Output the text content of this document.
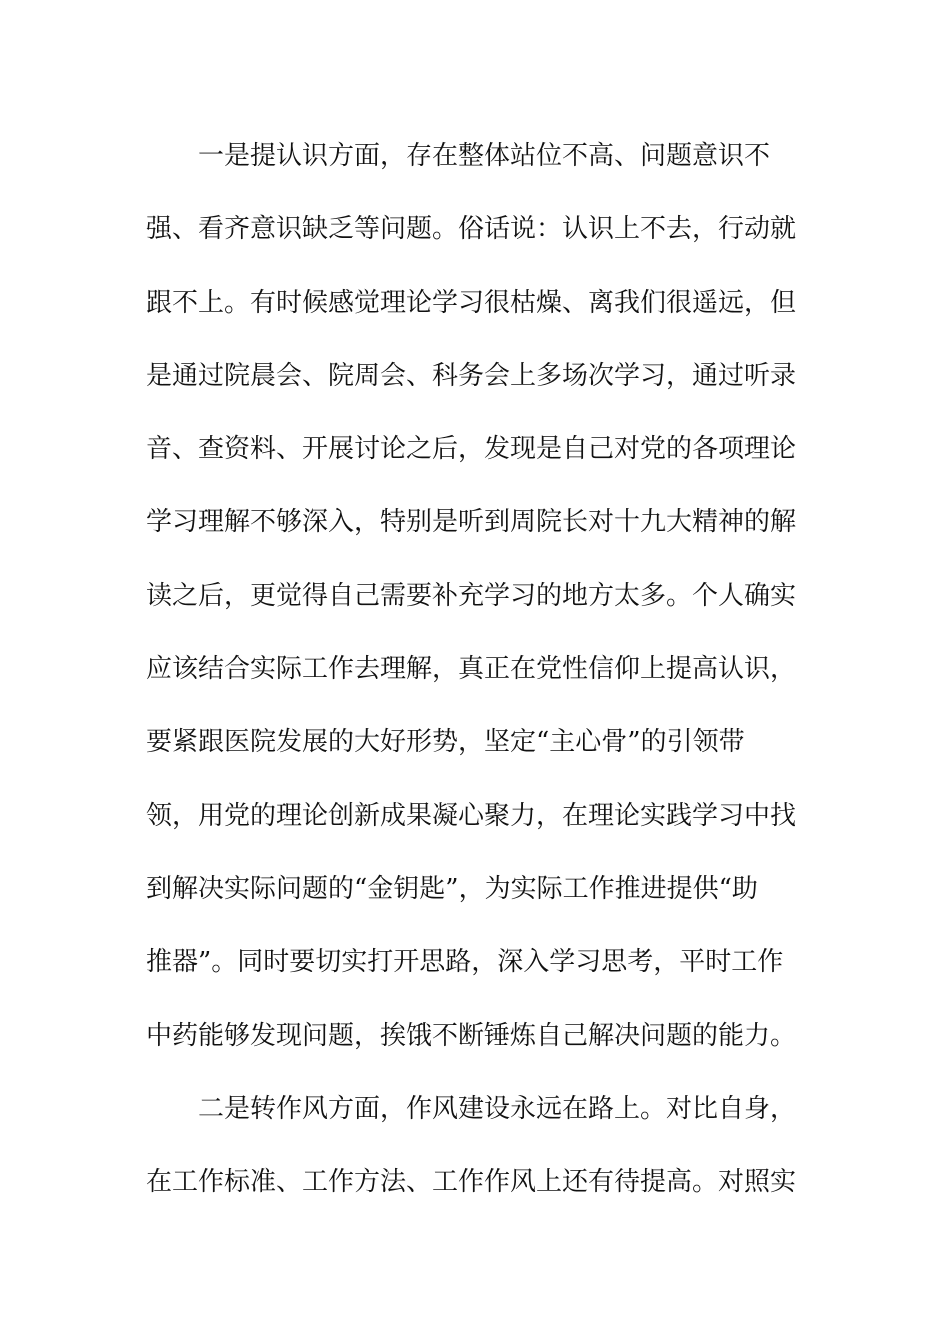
一是提认识方面，存在整体站位不高、问题意识不
强、看齐意识缺乏等问题。俗话说：认识上不去，行动就
跟不上。有时候感觉理论学习很枯燥、离我们很遥远，但
是通过院晨会、院周会、科务会上多场次学习，通过听录
音、查资料、开展讨论之后，发现是自己对党的各项理论
学习理解不够深入，特别是听到周院长对十九大精神的解
读之后，更觉得自己需要补充学习的地方太多。个人确实
应该结合实际工作去理解，真正在党性信仰上提高认识，
要紧跟医院发展的大好形势，坚定“主心骨”的引领带
领，用党的理论创新成果凝心聚力，在理论实践学习中找
到解决实际问题的“金钥匙”，为实际工作推进提供“助
推器”。同时要切实打开思路，深入学习思考，平时工作
中药能够发现问题，挨饿不断锤炼自己解决问题的能力。
二是转作风方面，作风建设永远在路上。对比自身，
在工作标准、工作方法、工作作风上还有待提高。对照实
